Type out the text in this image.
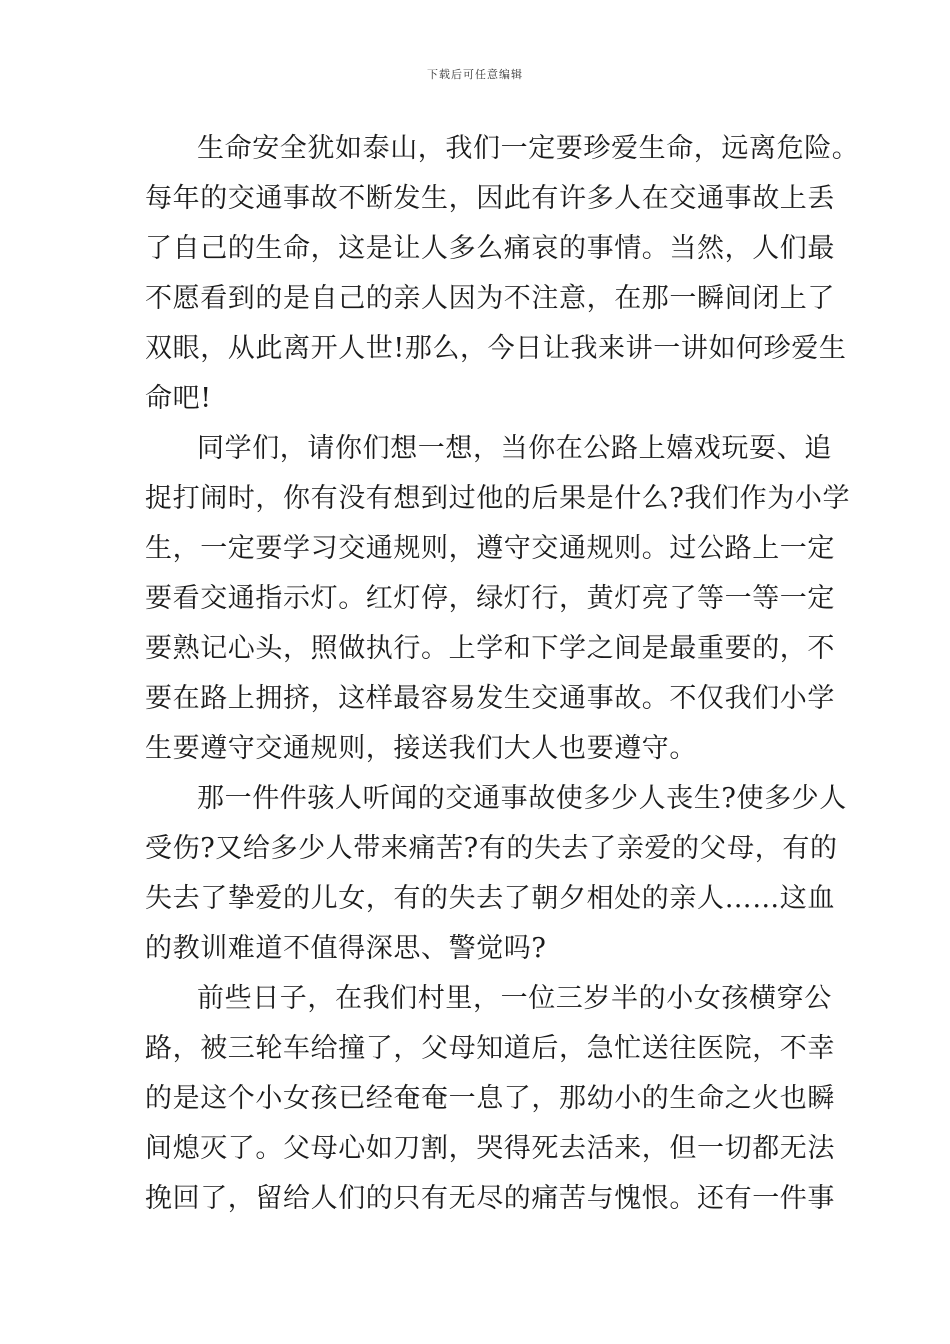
下载后可任意编辑
生命安全犹如泰山，我们一定要珍爱生命，远离危险。
每年的交通事故不断发生，因此有许多人在交通事故上丢
了自己的生命，这是让人多么痛哀的事情。当然，人们最
不愿看到的是自己的亲人因为不注意，在那一瞬间闭上了
双眼，从此离开人世!那么，今日让我来讲一讲如何珍爱生
命吧!
同学们，请你们想一想，当你在公路上嬉戏玩耍、追
捉打闹时，你有没有想到过他的后果是什么?我们作为小学
生，一定要学习交通规则，遵守交通规则。过公路上一定
要看交通指示灯。红灯停，绿灯行，黄灯亮了等一等一定
要熟记心头，照做执行。上学和下学之间是最重要的，不
要在路上拥挤，这样最容易发生交通事故。不仅我们小学
生要遵守交通规则，接送我们大人也要遵守。
那一件件骇人听闻的交通事故使多少人丧生?使多少人
受伤?又给多少人带来痛苦?有的失去了亲爱的父母，有的
失去了挚爱的儿女，有的失去了朝夕相处的亲人……这血
的教训难道不值得深思、警觉吗?
前些日子，在我们村里，一位三岁半的小女孩横穿公
路，被三轮车给撞了，父母知道后，急忙送往医院，不幸
的是这个小女孩已经奄奄一息了，那幼小的生命之火也瞬
间熄灭了。父母心如刀割，哭得死去活来，但一切都无法
挽回了，留给人们的只有无尽的痛苦与愧恨。还有一件事
